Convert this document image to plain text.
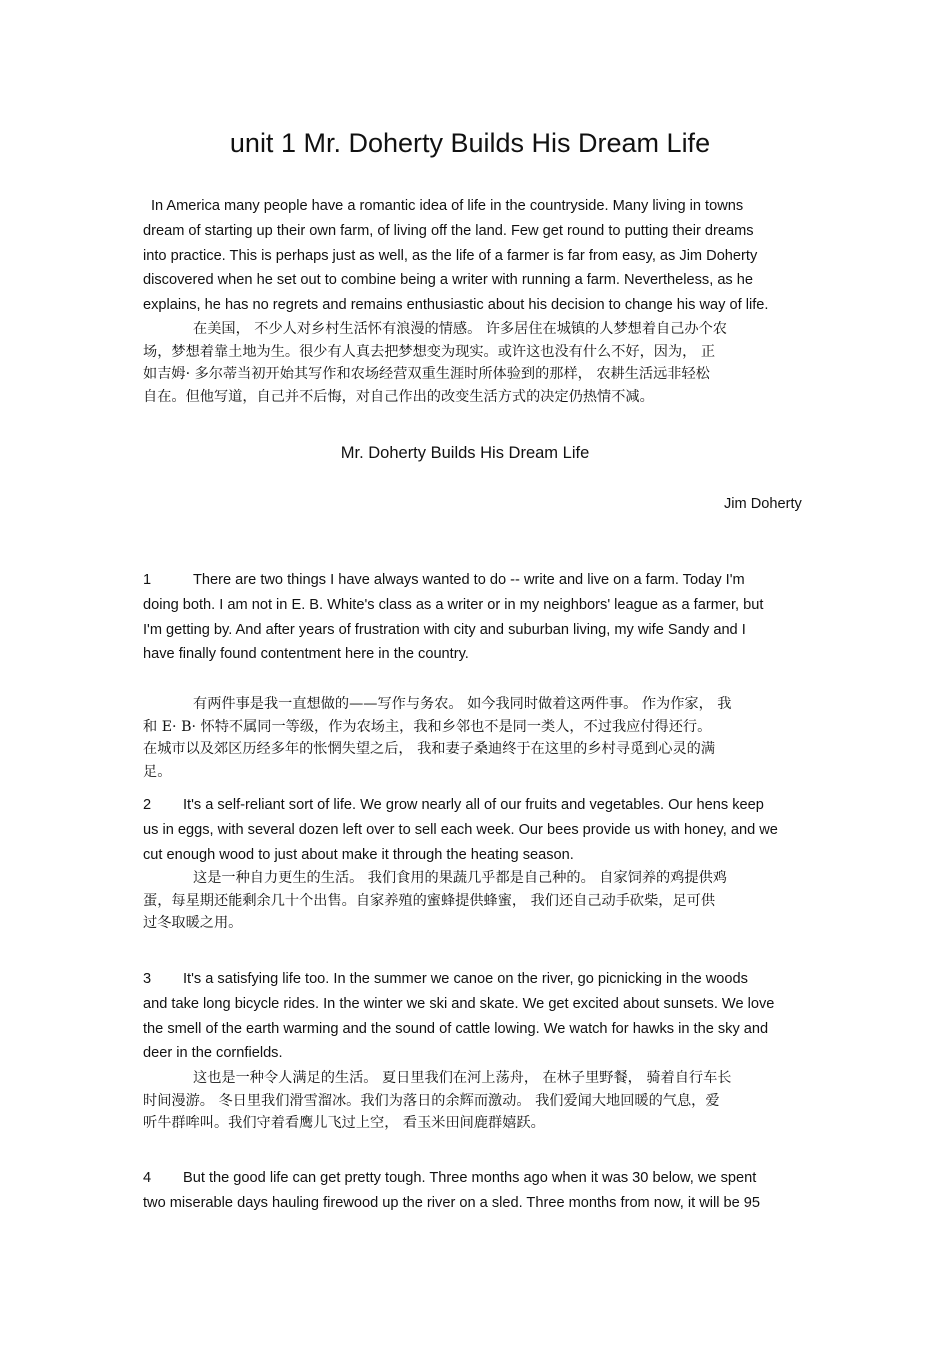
unit 1 Mr. Doherty Builds His Dream Life
In America many people have a romantic idea of life in the countryside. Many living in towns
dream of starting up their own farm, of living off the land. Few get round to putting their dreams
into practice. This is perhaps just as well, as the life of a farmer is far from easy, as Jim Doherty
discovered when he set out to combine being a writer with running a farm. Nevertheless, as he
explains, he has no regrets and remains enthusiastic about his decision to change his way of life.
在美国， 不少人对乡村生活怀有浪漫的情感。 许多居住在城镇的人梦想着自己办个农
场，梦想着靠土地为生。很少有人真去把梦想变为现实。或许这也没有什么不好，因为， 正
如吉姆· 多尔蒂当初开始其写作和农场经营双重生涯时所体验到的那样， 农耕生活远非轻松
自在。但他写道，自己并不后悔，对自己作出的改变生活方式的决定仍热情不减。
Mr. Doherty Builds His Dream Life
Jim Doherty
1	There are two things I have always wanted to do -- write and live on a farm. Today I'm
doing both. I am not in E. B. White's class as a writer or in my neighbors' league as a farmer, but
I'm getting by. And after years of frustration with city and suburban living, my wife Sandy and I
have finally found contentment here in the country.
有两件事是我一直想做的——写作与务农。 如今我同时做着这两件事。 作为作家， 我
和 E· B· 怀特不属同一等级，作为农场主，我和乡邻也不是同一类人，不过我应付得还行。
在城市以及郊区历经多年的怅惘失望之后， 我和妻子桑迪终于在这里的乡村寻觅到心灵的满
足。
2 It's a self-reliant sort of life. We grow nearly all of our fruits and vegetables. Our hens keep
us in eggs, with several dozen left over to sell each week. Our bees provide us with honey, and we
cut enough wood to just about make it through the heating season.
这是一种自力更生的生活。 我们食用的果蔬几乎都是自己种的。 自家饲养的鸡提供鸡
蛋，每星期还能剩余几十个出售。自家养殖的蜜蜂提供蜂蜜， 我们还自己动手砍柴，足可供
过冬取暖之用。
3 It's a satisfying life too. In the summer we canoe on the river, go picnicking in the woods
and take long bicycle rides. In the winter we ski and skate. We get excited about sunsets. We love
the smell of the earth warming and the sound of cattle lowing. We watch for hawks in the sky and
deer in the cornfields.
这也是一种令人满足的生活。 夏日里我们在河上荡舟， 在林子里野餐， 骑着自行车长
时间漫游。 冬日里我们滑雪溜冰。我们为落日的余辉而激动。 我们爱闻大地回暖的气息，爱
听牛群哞叫。我们守着看鹰儿飞过上空， 看玉米田间鹿群嬉跃。
4 But the good life can get pretty tough. Three months ago when it was 30 below, we spent
two miserable days hauling firewood up the river on a sled. Three months from now, it will be 95
